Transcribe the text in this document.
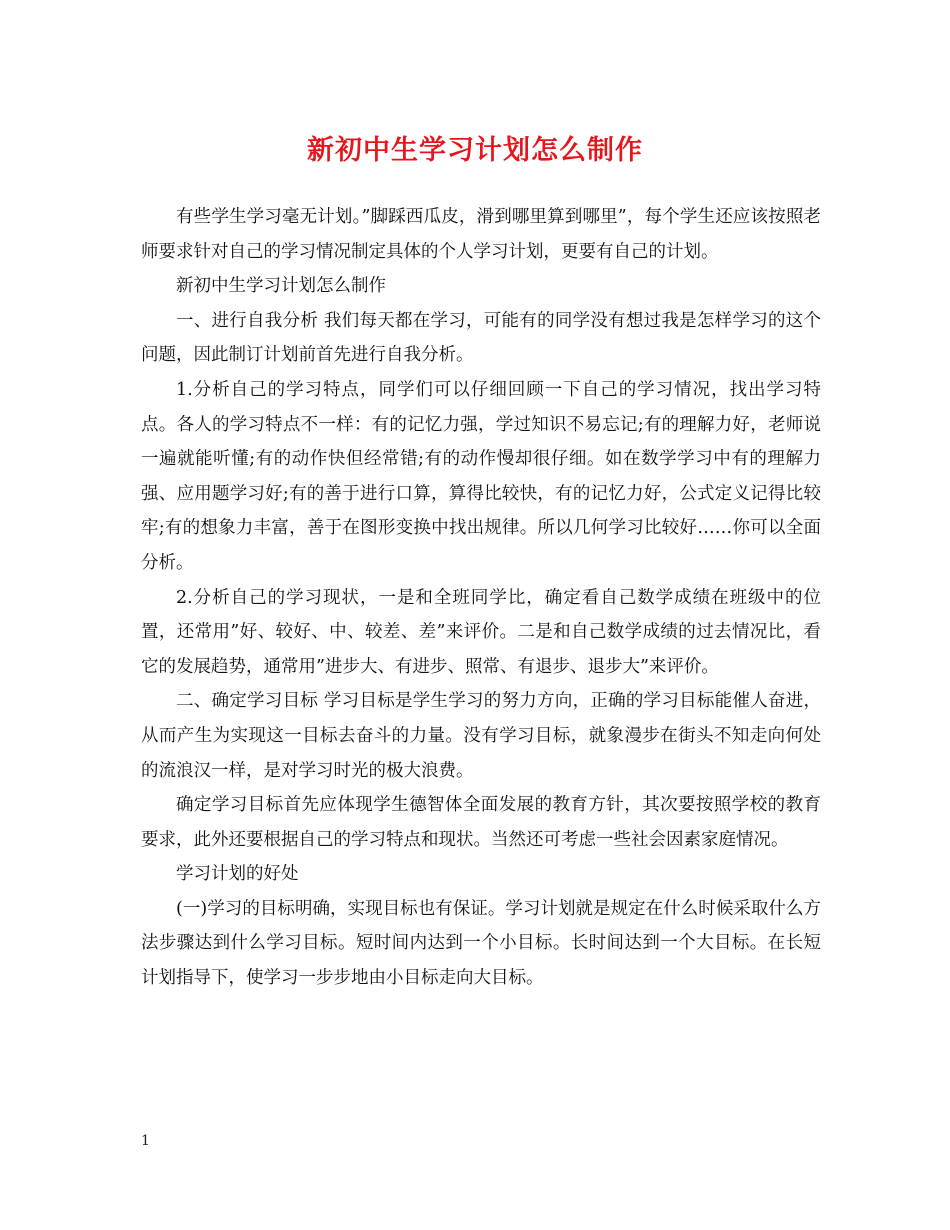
新初中生学习计划怎么制作

有些学生学习毫无计划。”脚踩西瓜皮，滑到哪里算到哪里”，每个学生还应该按照老师要求针对自己的学习情况制定具体的个人学习计划，更要有自己的计划。

新初中生学习计划怎么制作

一、进行自我分析 我们每天都在学习，可能有的同学没有想过我是怎样学习的这个问题，因此制订计划前首先进行自我分析。

1.分析自己的学习特点，同学们可以仔细回顾一下自己的学习情况，找出学习特点。各人的学习特点不一样：有的记忆力强，学过知识不易忘记;有的理解力好，老师说一遍就能听懂;有的动作快但经常错;有的动作慢却很仔细。如在数学学习中有的理解力强、应用题学习好;有的善于进行口算，算得比较快，有的记忆力好，公式定义记得比较牢;有的想象力丰富，善于在图形变换中找出规律。所以几何学习比较好……你可以全面分析。

2.分析自己的学习现状，一是和全班同学比，确定看自己数学成绩在班级中的位置，还常用”好、较好、中、较差、差”来评价。二是和自己数学成绩的过去情况比，看它的发展趋势，通常用”进步大、有进步、照常、有退步、退步大”来评价。

二、确定学习目标 学习目标是学生学习的努力方向，正确的学习目标能催人奋进，从而产生为实现这一目标去奋斗的力量。没有学习目标，就象漫步在街头不知走向何处的流浪汉一样，是对学习时光的极大浪费。

确定学习目标首先应体现学生德智体全面发展的教育方针，其次要按照学校的教育要求，此外还要根据自己的学习特点和现状。当然还可考虑一些社会因素家庭情况。

学习计划的好处

(一)学习的目标明确，实现目标也有保证。学习计划就是规定在什么时候采取什么方法步骤达到什么学习目标。短时间内达到一个小目标。长时间达到一个大目标。在长短计划指导下，使学习一步步地由小目标走向大目标。

1
